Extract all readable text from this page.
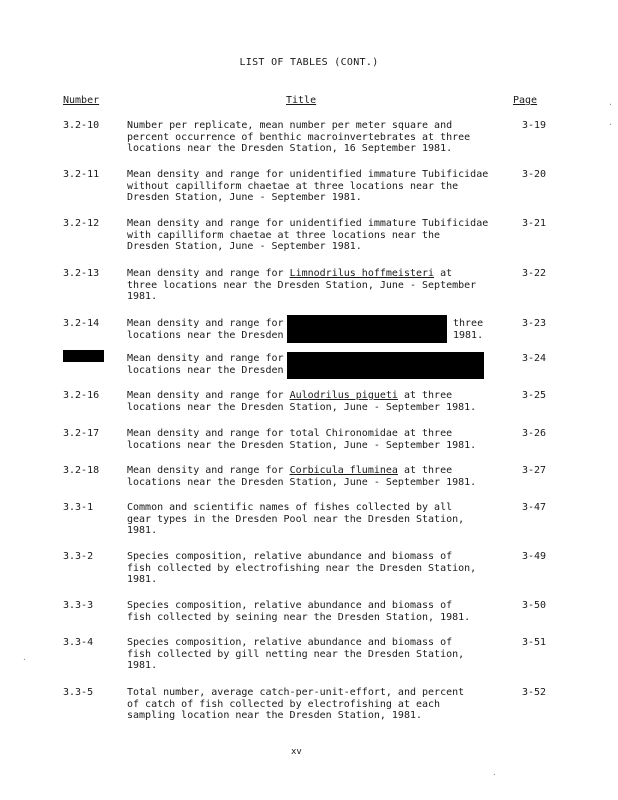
LIST OF TABLES (CONT.)
Number	Title	Page
3.2-10	Number per replicate, mean number per meter square and
percent occurrence of benthic macroinvertebrates at three
locations near the Dresden Station, 16 September 1981.
3-19
3.2-11	Mean density and range for unidentified immature Tubificidae
without capilliform chaetae at three locations near the
Dresden Station, June - September 1981.
3-20
3.2-12	Mean density and range for unidentified immature Tubificidae
with capilliform chaetae at three locations near the
Dresden Station, June - September 1981.
3-21
3.2-13	Mean density and range for Limnodrilus hoffmeisteri at
three locations near the Dresden Station, June - September
1981.
3-22
3.2-14	Mean density and range for
locations near the Dresden
three
1981.
3-23
Mean density and range for
locations near the Dresden
3-24
3.2-16	Mean density and range for Aulodrilus pigueti at three
locations near the Dresden Station, June - September 1981.
3-25
3.2-17	Mean density and range for total Chironomidae at three
locations near the Dresden Station, June - September 1981.
3-26
3.2-18	Mean density and range for Corbicula fluminea at three
locations near the Dresden Station, June - September 1981.
3-27
3.3-1	Common and scientific names of fishes collected by all
gear types in the Dresden Pool near the Dresden Station,
1981.
3-47
3.3-2	Species composition, relative abundance and biomass of
fish collected by electrofishing near the Dresden Station,
1981.
3-49
3.3-3	Species composition, relative abundance and biomass of
fish collected by seining near the Dresden Station, 1981.
3-50
3.3-4	Species composition, relative abundance and biomass of
fish collected by gill netting near the Dresden Station,
1981.
3-51
3.3-5	Total number, average catch-per-unit-effort, and percent
of catch of fish collected by electrofishing at each
sampling location near the Dresden Station, 1981.
3-52
xv
·
·
·
·
